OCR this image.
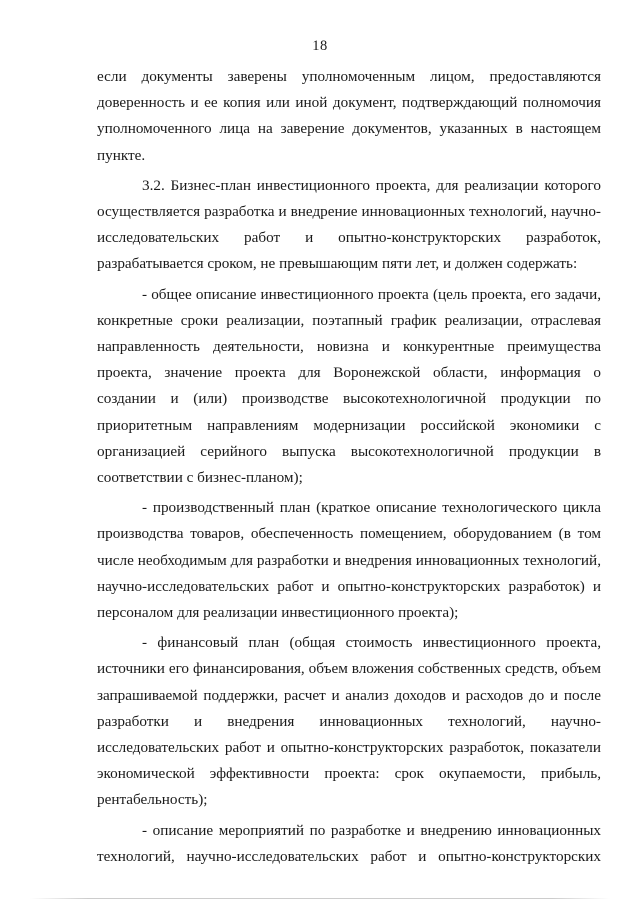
18

если документы заверены уполномоченным лицом, предоставляются доверенность и ее копия или иной документ, подтверждающий полномочия уполномоченного лица на заверение документов, указанных в настоящем пункте.

3.2. Бизнес-план инвестиционного проекта, для реализации которого осуществляется разработка и внедрение инновационных технологий, научно-исследовательских работ и опытно-конструкторских разработок, разрабатывается сроком, не превышающим пяти лет, и должен содержать:

- общее описание инвестиционного проекта (цель проекта, его задачи, конкретные сроки реализации, поэтапный график реализации, отраслевая направленность деятельности, новизна и конкурентные преимущества проекта, значение проекта для Воронежской области, информация о создании и (или) производстве высокотехнологичной продукции по приоритетным направлениям модернизации российской экономики с организацией серийного выпуска высокотехнологичной продукции в соответствии с бизнес-планом);

- производственный план (краткое описание технологического цикла производства товаров, обеспеченность помещением, оборудованием (в том числе необходимым для разработки и внедрения инновационных технологий, научно-исследовательских работ и опытно-конструкторских разработок) и персоналом для реализации инвестиционного проекта);

- финансовый план (общая стоимость инвестиционного проекта, источники его финансирования, объем вложения собственных средств, объем запрашиваемой поддержки, расчет и анализ доходов и расходов до и после разработки и внедрения инновационных технологий, научно-исследовательских работ и опытно-конструкторских разработок, показатели экономической эффективности проекта: срок окупаемости, прибыль, рентабельность);

- описание мероприятий по разработке и внедрению инновационных технологий, научно-исследовательских работ и опытно-конструкторских
